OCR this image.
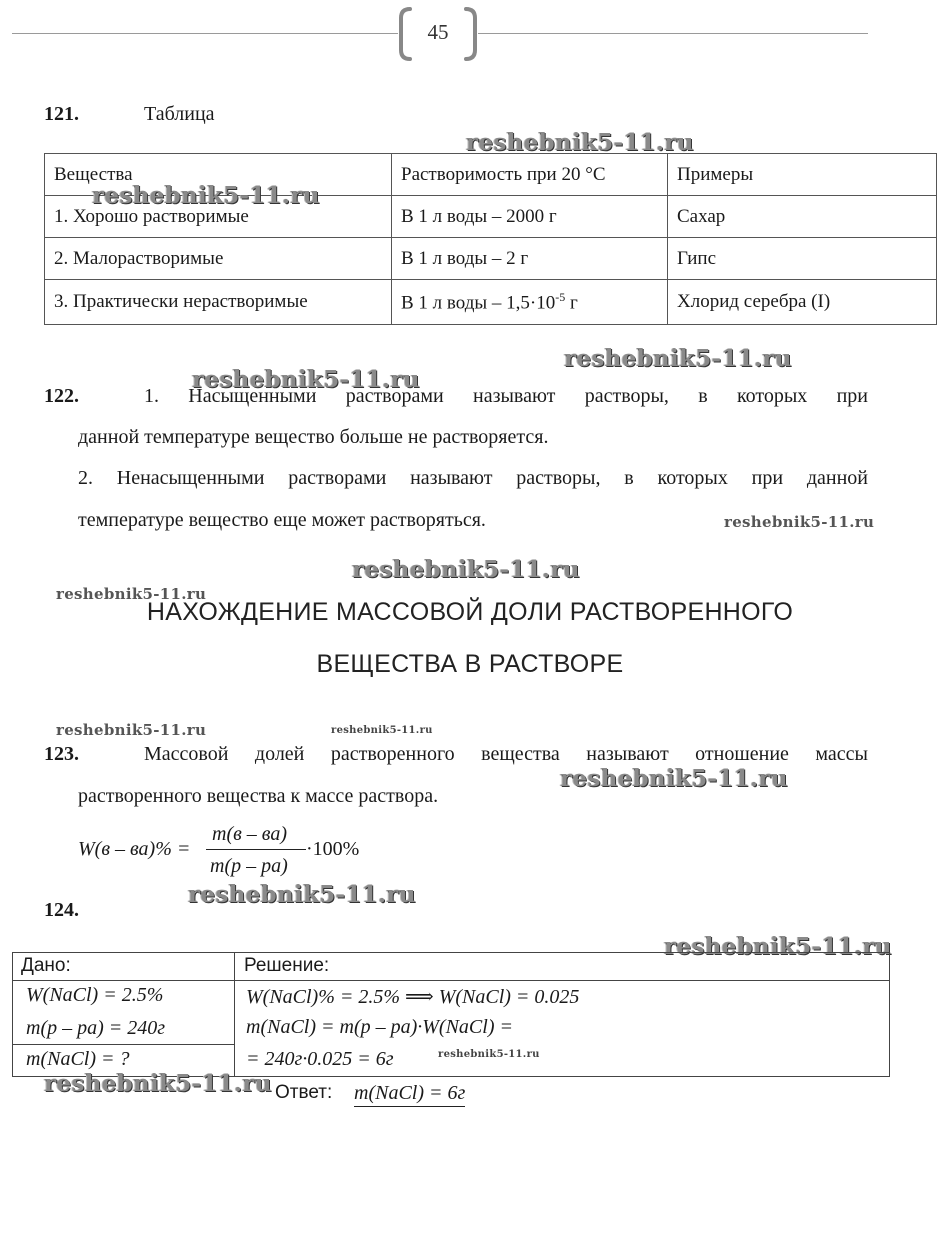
45
121.	Таблица
reshebnik5-11.ru
Вещества	Растворимость при 20 °С	Примеры
1. Хорошо растворимые	В 1 л воды – 2000 г	Сахар
2. Малорастворимые	В 1 л воды – 2 г	Гипс
3. Практически нерастворимые	В 1 л воды – $1,5\cdot 10^{-5}$ г	Хлорид серебра (I)
reshebnik5-11.ru
reshebnik5-11.ru
reshebnik5-11.ru
122.	1. Насыщенными растворами называют растворы, в которых при
данной температуре вещество больше не растворяется.
2. Ненасыщенными растворами называют растворы, в которых при данной
температуре вещество еще может растворяться.	reshebnik5-11.ru
reshebnik5-11.ru
reshebnik5-11.ru
НАХОЖДЕНИЕ МАССОВОЙ ДОЛИ РАСТВОРЕННОГО
ВЕЩЕСТВА В РАСТВОРЕ
reshebnik5-11.ru	reshebnik5-11.ru
123.	Массовой долей растворенного вещества называют отношение массы
reshebnik5-11.ru
растворенного вещества к массе раствора.
W(в – ва)% =
m(в – ва)
m(p – pa)
·100%
reshebnik5-11.ru
124.
reshebnik5-11.ru
Дано:	Решение:
W(NaCl) = 2.5%
m(p – pa) = 240г
m(NaCl) = ?
W(NaCl)% = 2.5% ⟹ W(NaCl) = 0.025
m(NaCl) = m(p – pa)·W(NaCl) =
= 240г·0.025 = 6г	reshebnik5-11.ru
reshebnik5-11.ru Ответ: m(NaCl) = 6г
